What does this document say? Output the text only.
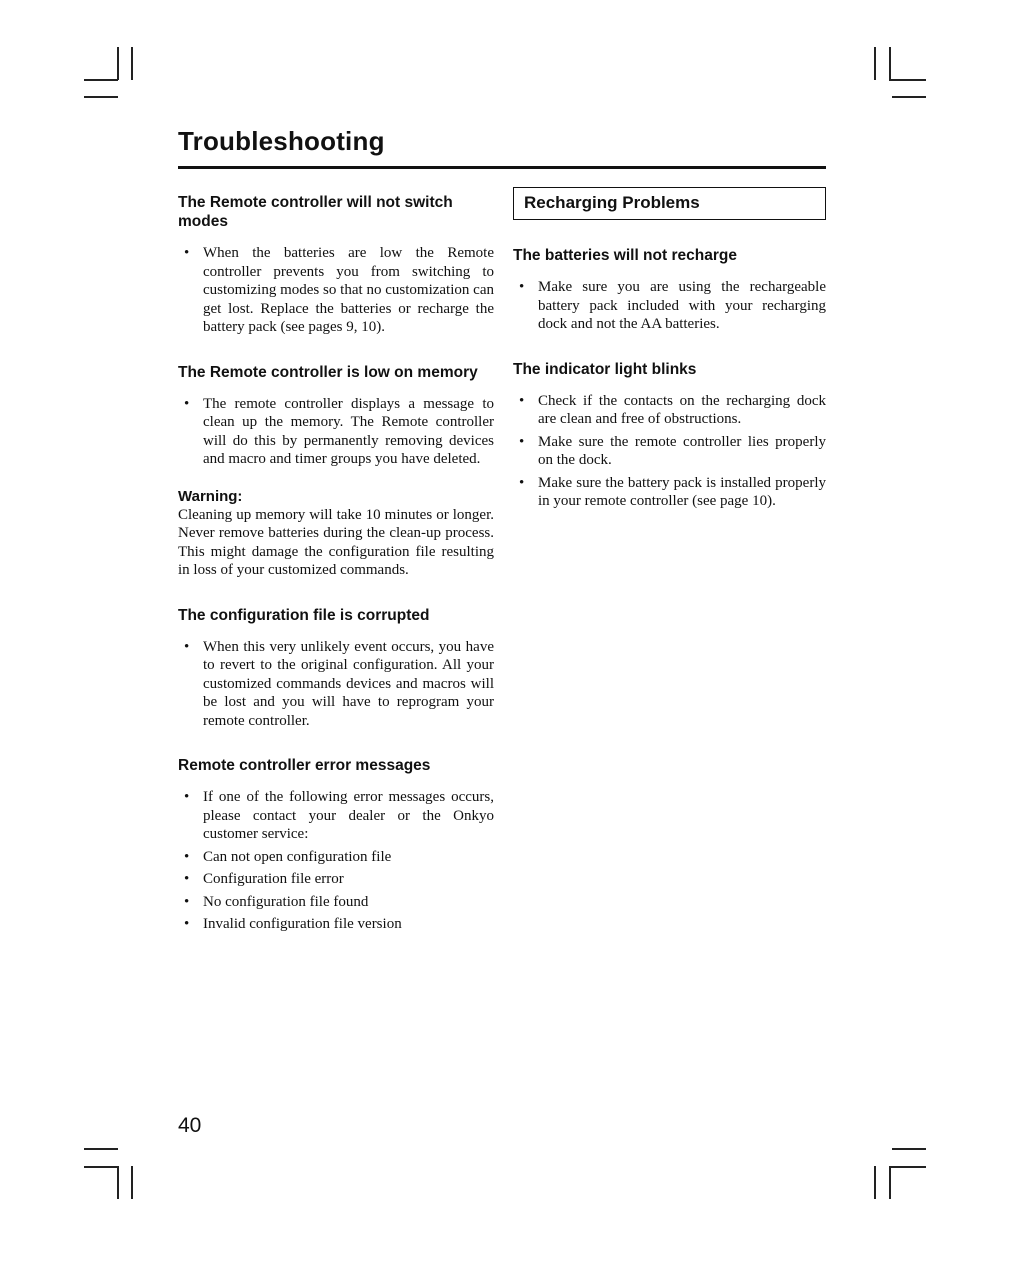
Troubleshooting
The Remote controller will not switch modes
• When the batteries are low the Remote controller prevents you from switching to customizing modes so that no customization can get lost. Replace the batteries or recharge the battery pack (see pages 9, 10).
The Remote controller is low on memory
• The remote controller displays a message to clean up the memory. The Remote controller will do this by permanently removing devices and macro and timer groups you have deleted.
Warning:
Cleaning up memory will take 10 minutes or longer. Never remove batteries during the clean-up process. This might damage the configuration file resulting in loss of your customized commands.
The configuration file is corrupted
• When this very unlikely event occurs, you have to revert to the original configuration. All your customized commands devices and macros will be lost and you will have to reprogram your remote controller.
Remote controller error messages
• If one of the following error messages occurs, please contact your dealer or the Onkyo customer service:
• Can not open configuration file
• Configuration file error
• No configuration file found
• Invalid configuration file version
Recharging Problems
The batteries will not recharge
• Make sure you are using the rechargeable battery pack included with your recharging dock and not the AA batteries.
The indicator light blinks
• Check if the contacts on the recharging dock are clean and free of obstructions.
• Make sure the remote controller lies properly on the dock.
• Make sure the battery pack is installed properly in your remote controller (see page 10).
40
